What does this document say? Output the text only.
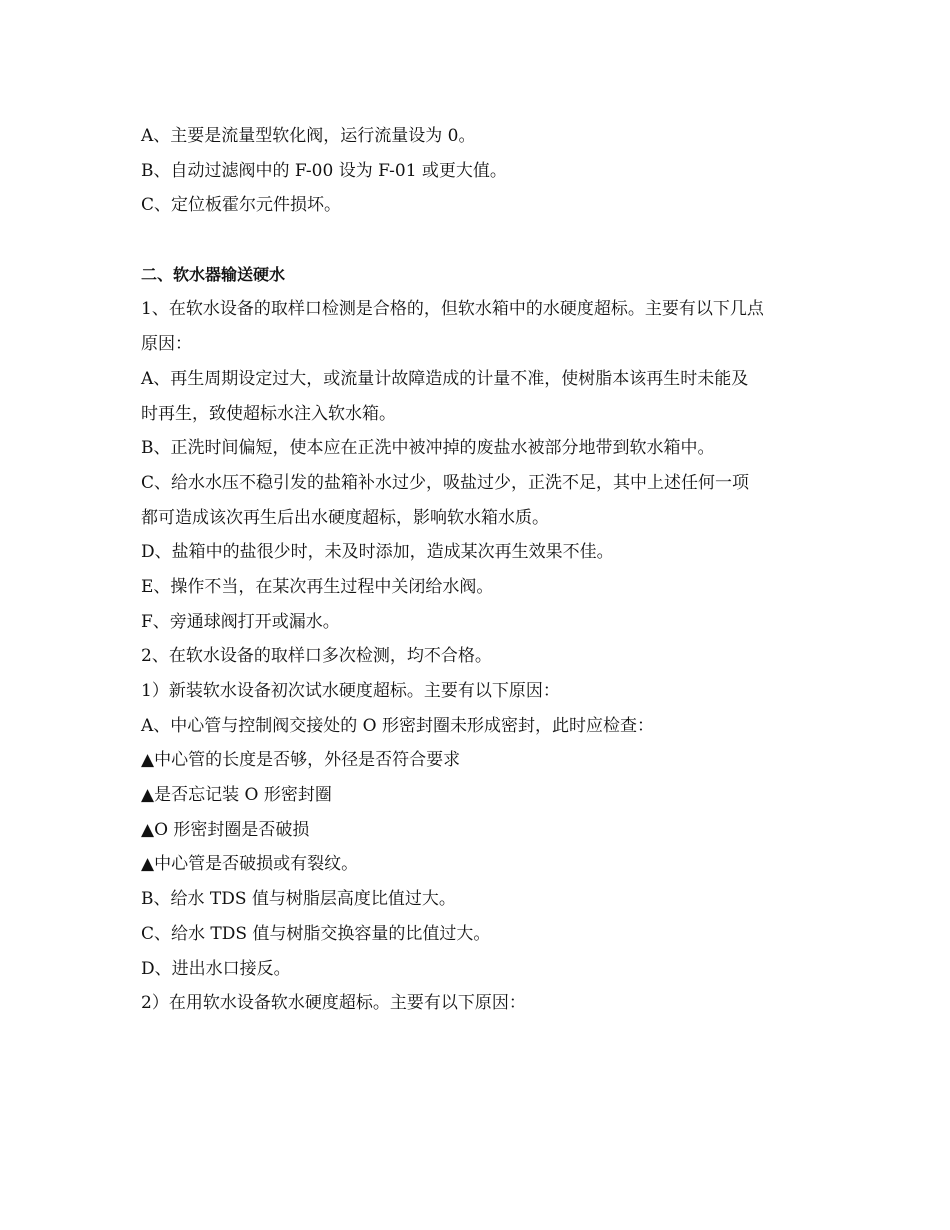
A、主要是流量型软化阀，运行流量设为 0。
B、自动过滤阀中的 F-00 设为 F-01 或更大值。
C、定位板霍尔元件损坏。
二、软水器输送硬水
1、在软水设备的取样口检测是合格的，但软水箱中的水硬度超标。主要有以下几点
原因：
A、再生周期设定过大，或流量计故障造成的计量不准，使树脂本该再生时未能及
时再生，致使超标水注入软水箱。
B、正洗时间偏短，使本应在正洗中被冲掉的废盐水被部分地带到软水箱中。
C、给水水压不稳引发的盐箱补水过少，吸盐过少，正洗不足，其中上述任何一项
都可造成该次再生后出水硬度超标，影响软水箱水质。
D、盐箱中的盐很少时，未及时添加，造成某次再生效果不佳。
E、操作不当，在某次再生过程中关闭给水阀。
F、旁通球阀打开或漏水。
2、在软水设备的取样口多次检测，均不合格。
1）新装软水设备初次试水硬度超标。主要有以下原因：
A、中心管与控制阀交接处的 O 形密封圈未形成密封，此时应检查：
▲中心管的长度是否够，外径是否符合要求
▲是否忘记装 O 形密封圈
▲O 形密封圈是否破损
▲中心管是否破损或有裂纹。
B、给水 TDS 值与树脂层高度比值过大。
C、给水 TDS 值与树脂交换容量的比值过大。
D、进出水口接反。
2）在用软水设备软水硬度超标。主要有以下原因：
